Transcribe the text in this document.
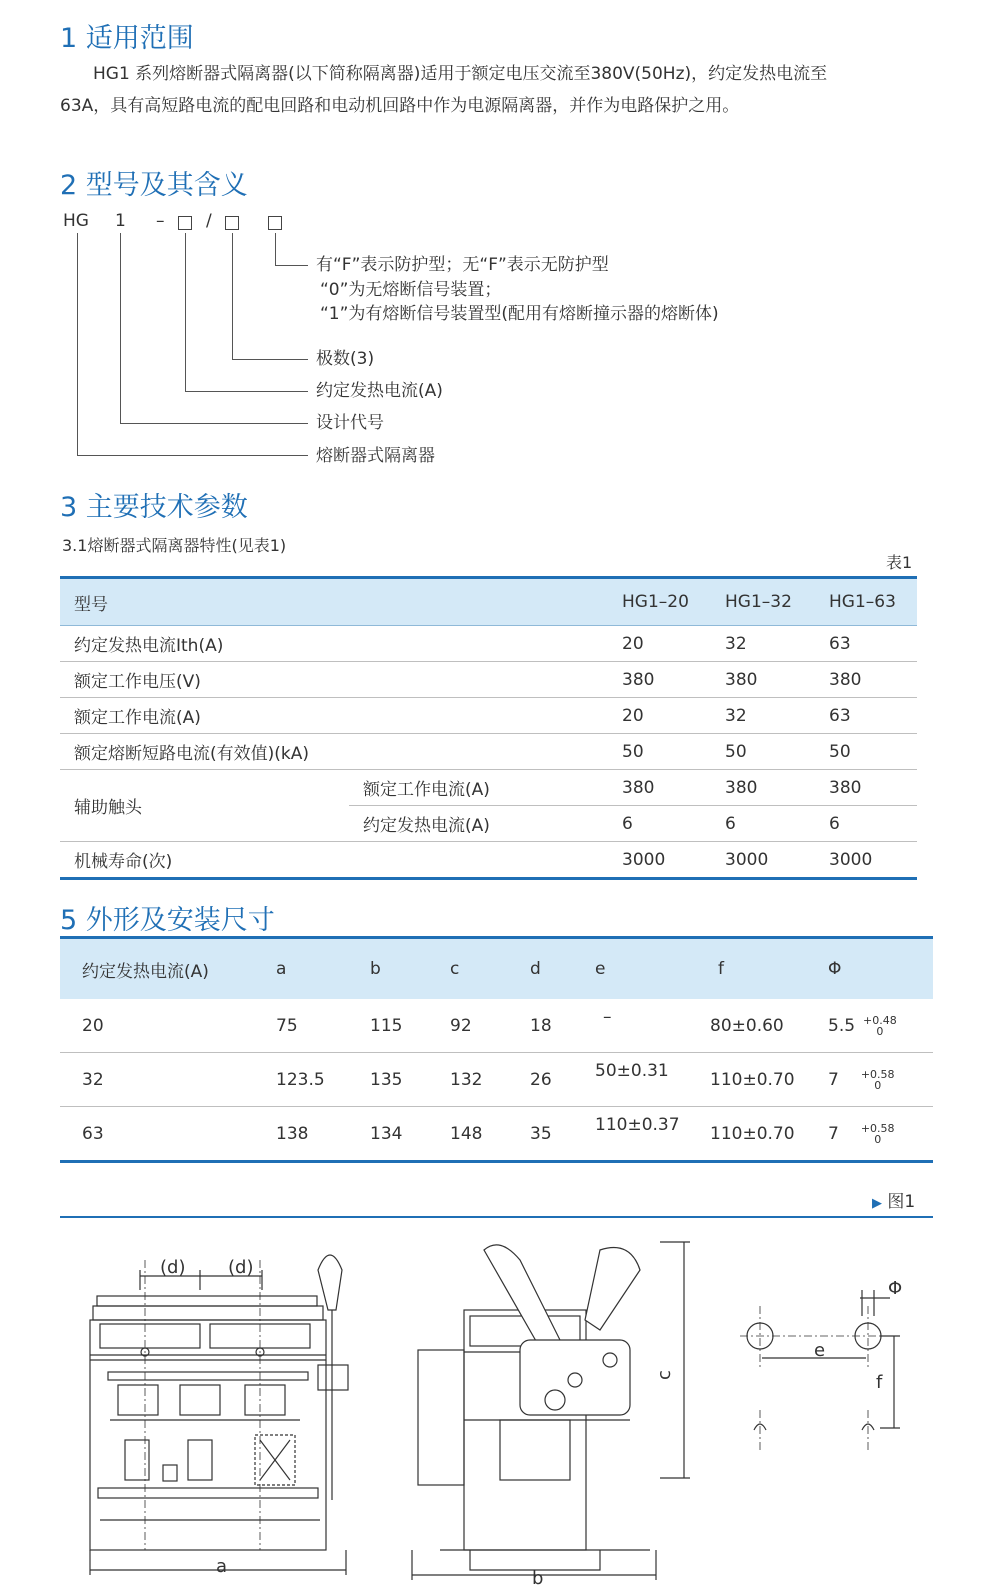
1 适用范围
HG1 系列熔断器式隔离器(以下简称隔离器)适用于额定电压交流至380V(50Hz)，约定发热电流至
63A，具有高短路电流的配电回路和电动机回路中作为电源隔离器，并作为电路保护之用。
2 型号及其含义
HG 1 – /
有“F”表示防护型；无“F”表示无防护型
“0”为无熔断信号装置；
“1”为有熔断信号装置型(配用有熔断撞示器的熔断体)
极数(3)
约定发热电流(A)
设计代号
熔断器式隔离器
3 主要技术参数
3.1熔断器式隔离器特性(见表1)
表1
型号		HG1–20	HG1–32	HG1–63
约定发热电流Ith(A)		20	32	63
额定工作电压(V)		380	380	380
额定工作电流(A)		20	32	63
额定熔断短路电流(有效值)(kA)		50	50	50
辅助触头	额定工作电流(A)	380	380	380
	约定发热电流(A)	6	6	6
机械寿命(次)		3000	3000	3000
5 外形及安装尺寸
约定发热电流(A)	a	b	c	d	e	f	Φ
20	75	115	92	18	–	80±0.60	5.5 +0.48
0

32	123.5	135	132	26	50±0.31	110±0.70	7 +0.58
0

63	138	134	148	35	110±0.37	110±0.70	7 +0.58
0
▶ 图1
(d) (d)
a
b
c
e
f
Φ
